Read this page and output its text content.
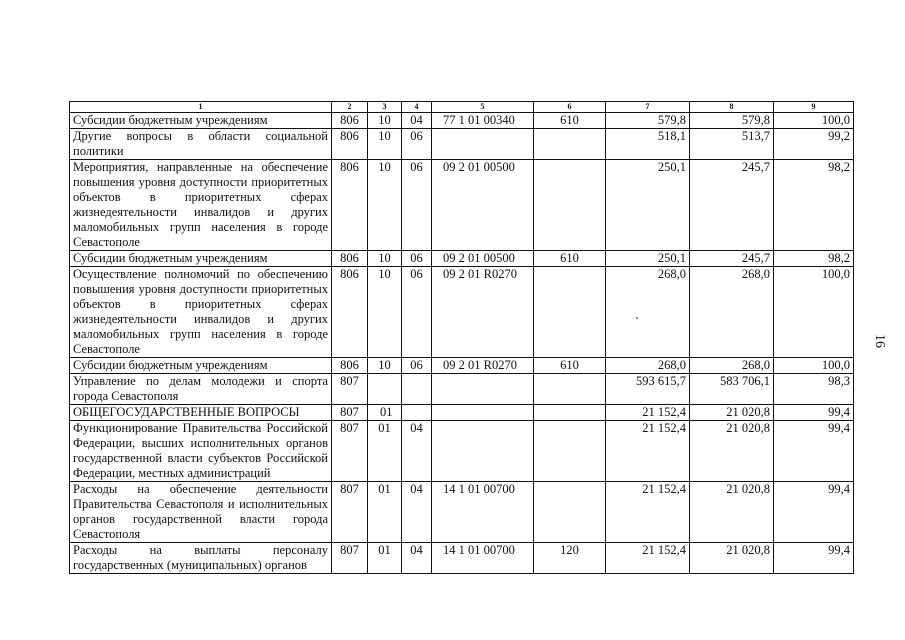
1	2	3	4	5	6	7	8	9
Субсидии бюджетным учреждениям	806	10	04	77 1 01 00340	610	579,8	579,8	100,0
Другие вопросы в области социальной политики	806	10	06			518,1	513,7	99,2
Мероприятия, направленные на обеспечение повышения уровня доступности приоритетных объектов в приоритетных сферах жизнедеятельности инвалидов и других маломобильных групп населения в городе Севастополе	806	10	06	09 2 01 00500		250,1	245,7	98,2
Субсидии бюджетным учреждениям	806	10	06	09 2 01 00500	610	250,1	245,7	98,2
Осуществление полномочий по обеспечению повышения уровня доступности приоритетных объектов в приоритетных сферах жизнедеятельности инвалидов и других маломобильных групп населения в городе Севастополе	806	10	06	09 2 01 R0270		268,0	268,0	100,0
Субсидии бюджетным учреждениям	806	10	06	09 2 01 R0270	610	268,0	268,0	100,0
Управление по делам молодежи и спорта города Севастополя	807					593 615,7	583 706,1	98,3
ОБЩЕГОСУДАРСТВЕННЫЕ ВОПРОСЫ	807	01				21 152,4	21 020,8	99,4
Функционирование Правительства Российской Федерации, высших исполнительных органов государственной власти субъектов Российской Федерации, местных администраций	807	01	04			21 152,4	21 020,8	99,4
Расходы на обеспечение деятельности Правительства Севастополя и исполнительных органов государственной власти города Севастополя	807	01	04	14 1 01 00700		21 152,4	21 020,8	99,4
Расходы на выплаты персоналу государственных (муниципальных) органов	807	01	04	14 1 01 00700	120	21 152,4	21 020,8	99,4
16
